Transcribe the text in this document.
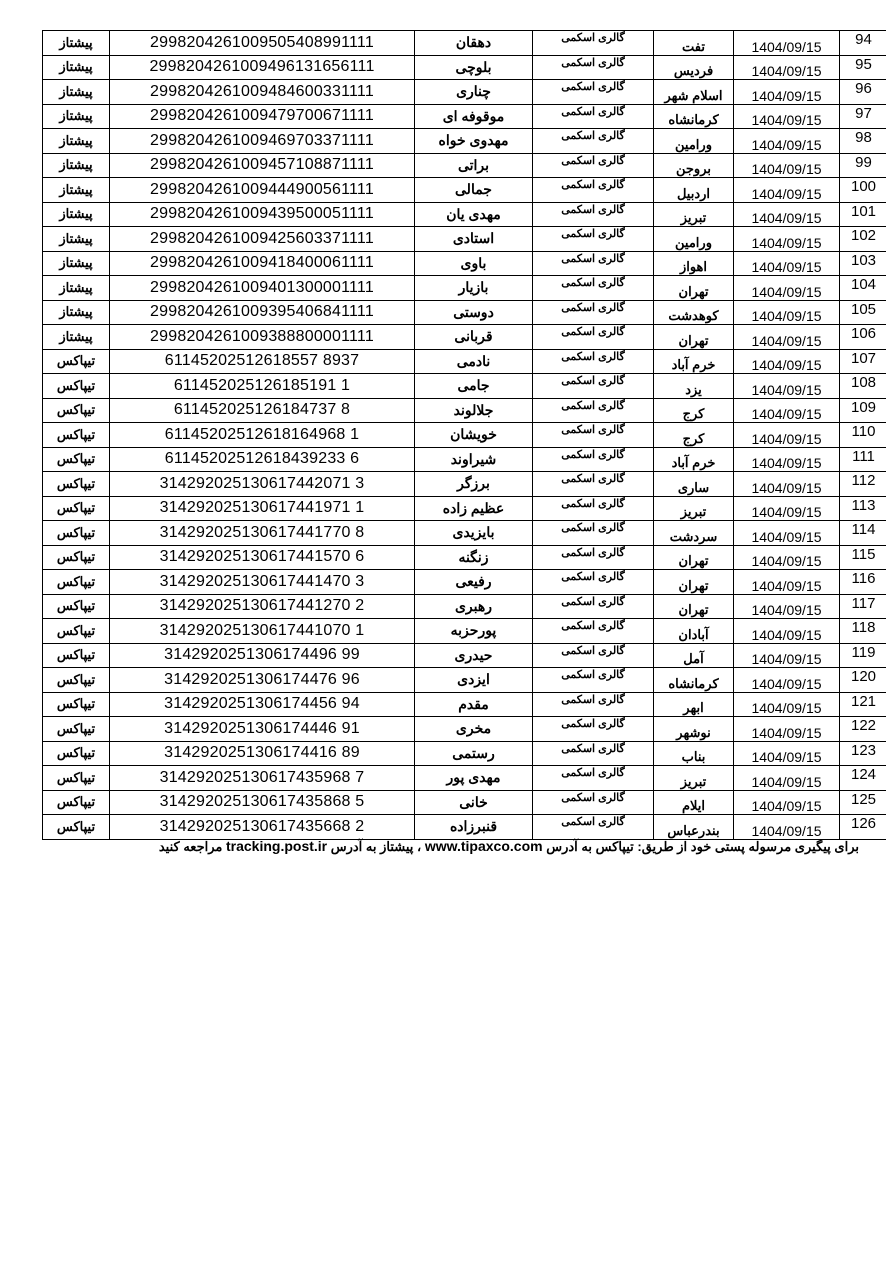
پیشتاز	2998204261009505408991111	دهقان	گالری اسکمی	تفت	1404/09/15	94
پیشتاز	2998204261009496131656111	بلوچی	گالری اسکمی	فردیس	1404/09/15	95
پیشتاز	2998204261009484600331111	چناری	گالری اسکمی	اسلام شهر	1404/09/15	96
پیشتاز	2998204261009479700671111	موقوفه ای	گالری اسکمی	کرمانشاه	1404/09/15	97
پیشتاز	2998204261009469703371111	مهدوی خواه	گالری اسکمی	ورامین	1404/09/15	98
پیشتاز	2998204261009457108871111	براتی	گالری اسکمی	بروجن	1404/09/15	99
پیشتاز	2998204261009444900561111	جمالی	گالری اسکمی	اردبیل	1404/09/15	100
پیشتاز	2998204261009439500051111	مهدی یان	گالری اسکمی	تبریز	1404/09/15	101
پیشتاز	2998204261009425603371111	استادی	گالری اسکمی	ورامین	1404/09/15	102
پیشتاز	2998204261009418400061111	باوی	گالری اسکمی	اهواز	1404/09/15	103
پیشتاز	2998204261009401300001111	بازیار	گالری اسکمی	تهران	1404/09/15	104
پیشتاز	2998204261009395406841111	دوستی	گالری اسکمی	کوهدشت	1404/09/15	105
پیشتاز	2998204261009388800001111	قربانی	گالری اسکمی	تهران	1404/09/15	106
تیپاکس	61145202512618557 8937	نادمی	گالری اسکمی	خرم آباد	1404/09/15	107
تیپاکس	611452025126185191 1	جامی	گالری اسکمی	یزد	1404/09/15	108
تیپاکس	611452025126184737 8	جلالوند	گالری اسکمی	کرج	1404/09/15	109
تیپاکس	61145202512618164968 1	خویشان	گالری اسکمی	کرج	1404/09/15	110
تیپاکس	61145202512618439233 6	شیراوند	گالری اسکمی	خرم آباد	1404/09/15	111
تیپاکس	314292025130617442071 3	برزگر	گالری اسکمی	ساری	1404/09/15	112
تیپاکس	314292025130617441971 1	عظیم زاده	گالری اسکمی	تبریز	1404/09/15	113
تیپاکس	314292025130617441770 8	بایزیدی	گالری اسکمی	سردشت	1404/09/15	114
تیپاکس	314292025130617441570 6	زنگنه	گالری اسکمی	تهران	1404/09/15	115
تیپاکس	314292025130617441470 3	رفیعی	گالری اسکمی	تهران	1404/09/15	116
تیپاکس	314292025130617441270 2	رهبری	گالری اسکمی	تهران	1404/09/15	117
تیپاکس	314292025130617441070 1	پورحزبه	گالری اسکمی	آبادان	1404/09/15	118
تیپاکس	3142920251306174496 99	حیدری	گالری اسکمی	آمل	1404/09/15	119
تیپاکس	3142920251306174476 96	ایزدی	گالری اسکمی	کرمانشاه	1404/09/15	120
تیپاکس	3142920251306174456 94	مقدم	گالری اسکمی	ابهر	1404/09/15	121
تیپاکس	3142920251306174446 91	مخری	گالری اسکمی	نوشهر	1404/09/15	122
تیپاکس	3142920251306174416 89	رستمی	گالری اسکمی	بناب	1404/09/15	123
تیپاکس	314292025130617435968 7	مهدی پور	گالری اسکمی	تبریز	1404/09/15	124
تیپاکس	314292025130617435868 5	خانی	گالری اسکمی	ایلام	1404/09/15	125
تیپاکس	314292025130617435668 2	قنبرزاده	گالری اسکمی	بندرعباس	1404/09/15	126
برای پیگیری مرسوله پستی خود از طریق: تیپاکس به آدرس www.tipaxco.com ، پیشتاز به آدرس tracking.post.ir مراجعه کنید
